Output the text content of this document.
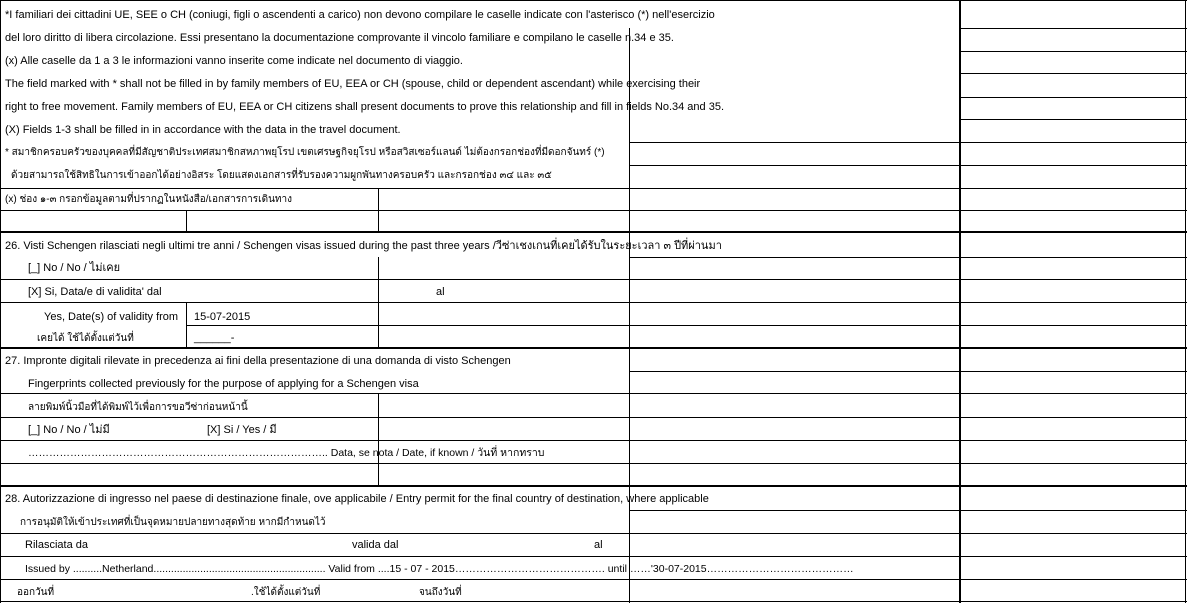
*I familiari dei cittadini UE, SEE o CH (coniugi, figli o ascendenti a carico) non devono compilare le caselle indicate con l'asterisco (*) nell'esercizio
del loro diritto di libera circolazione. Essi presentano la documentazione comprovante il vincolo familiare e compilano le caselle n.34 e 35.
(x) Alle caselle da 1 a 3 le informazioni vanno inserite come indicate nel documento di viaggio.
The field marked with * shall not be filled in by family members of EU, EEA or CH (spouse, child or dependent ascendant) while exercising their
right to free movement. Family members of EU, EEA or CH citizens shall present documents to prove this relationship and fill in fields No.34 and 35.
(X) Fields 1-3 shall be filled in in accordance with the data in the travel document.
* สมาชิกครอบครัวของบุคคลที่มีสัญชาติประเทศสมาชิกสหภาพยุโรป เขตเศรษฐกิจยุโรป หรือสวิสเซอร์แลนด์ ไม่ต้องกรอกช่องที่มีดอกจันทร์ (*)
ด้วยสามารถใช้สิทธิในการเข้าออกได้อย่างอิสระ โดยแสดงเอกสารที่รับรองความผูกพันทางครอบครัว และกรอกช่อง ๓๔ และ ๓๕
(x) ช่อง ๑-๓ กรอกข้อมูลตามที่ปรากฏในหนังสือ/เอกสารการเดินทาง
26. Visti Schengen rilasciati negli ultimi tre anni / Schengen visas issued during the past three years /วีซ่าเชงเกนที่เคยได้รับในระยะเวลา ๓ ปีที่ผ่านมา
[_] No / No / ไม่เคย
[X] Si, Data/e di validita' dal	al
Yes, Date(s) of validity from 15-07-2015
เคยได้ ใช้ได้ตั้งแต่วันที่	______-
27. Impronte digitali rilevate in precedenza ai fini della presentazione di una domanda di visto Schengen
Fingerprints collected previously for the purpose of applying for a Schengen visa
ลายพิมพ์นิ้วมือที่ได้พิมพ์ไว้เพื่อการขอวีซ่าก่อนหน้านี้
[_] No / No / ไม่มี	[X] Si / Yes / มี
………………………………………………………………………….. Data, se nota / Date, if known / วันที่ หากทราบ
28. Autorizzazione di ingresso nel paese di destinazione finale, ove applicabile / Entry permit for the final country of destination, where applicable
การอนุมัติให้เข้าประเทศที่เป็นจุดหมายปลายทางสุดท้าย หากมีกำหนดไว้
Rilasciata da	valida dal	al
Issued by ..........Netherland........................................................... Valid from ....15 - 07 - 2015……………………………………. until ……'30-07-2015……………………………………
ออกวันที่	.ใช้ได้ตั้งแต่วันที่	จนถึงวันที่
